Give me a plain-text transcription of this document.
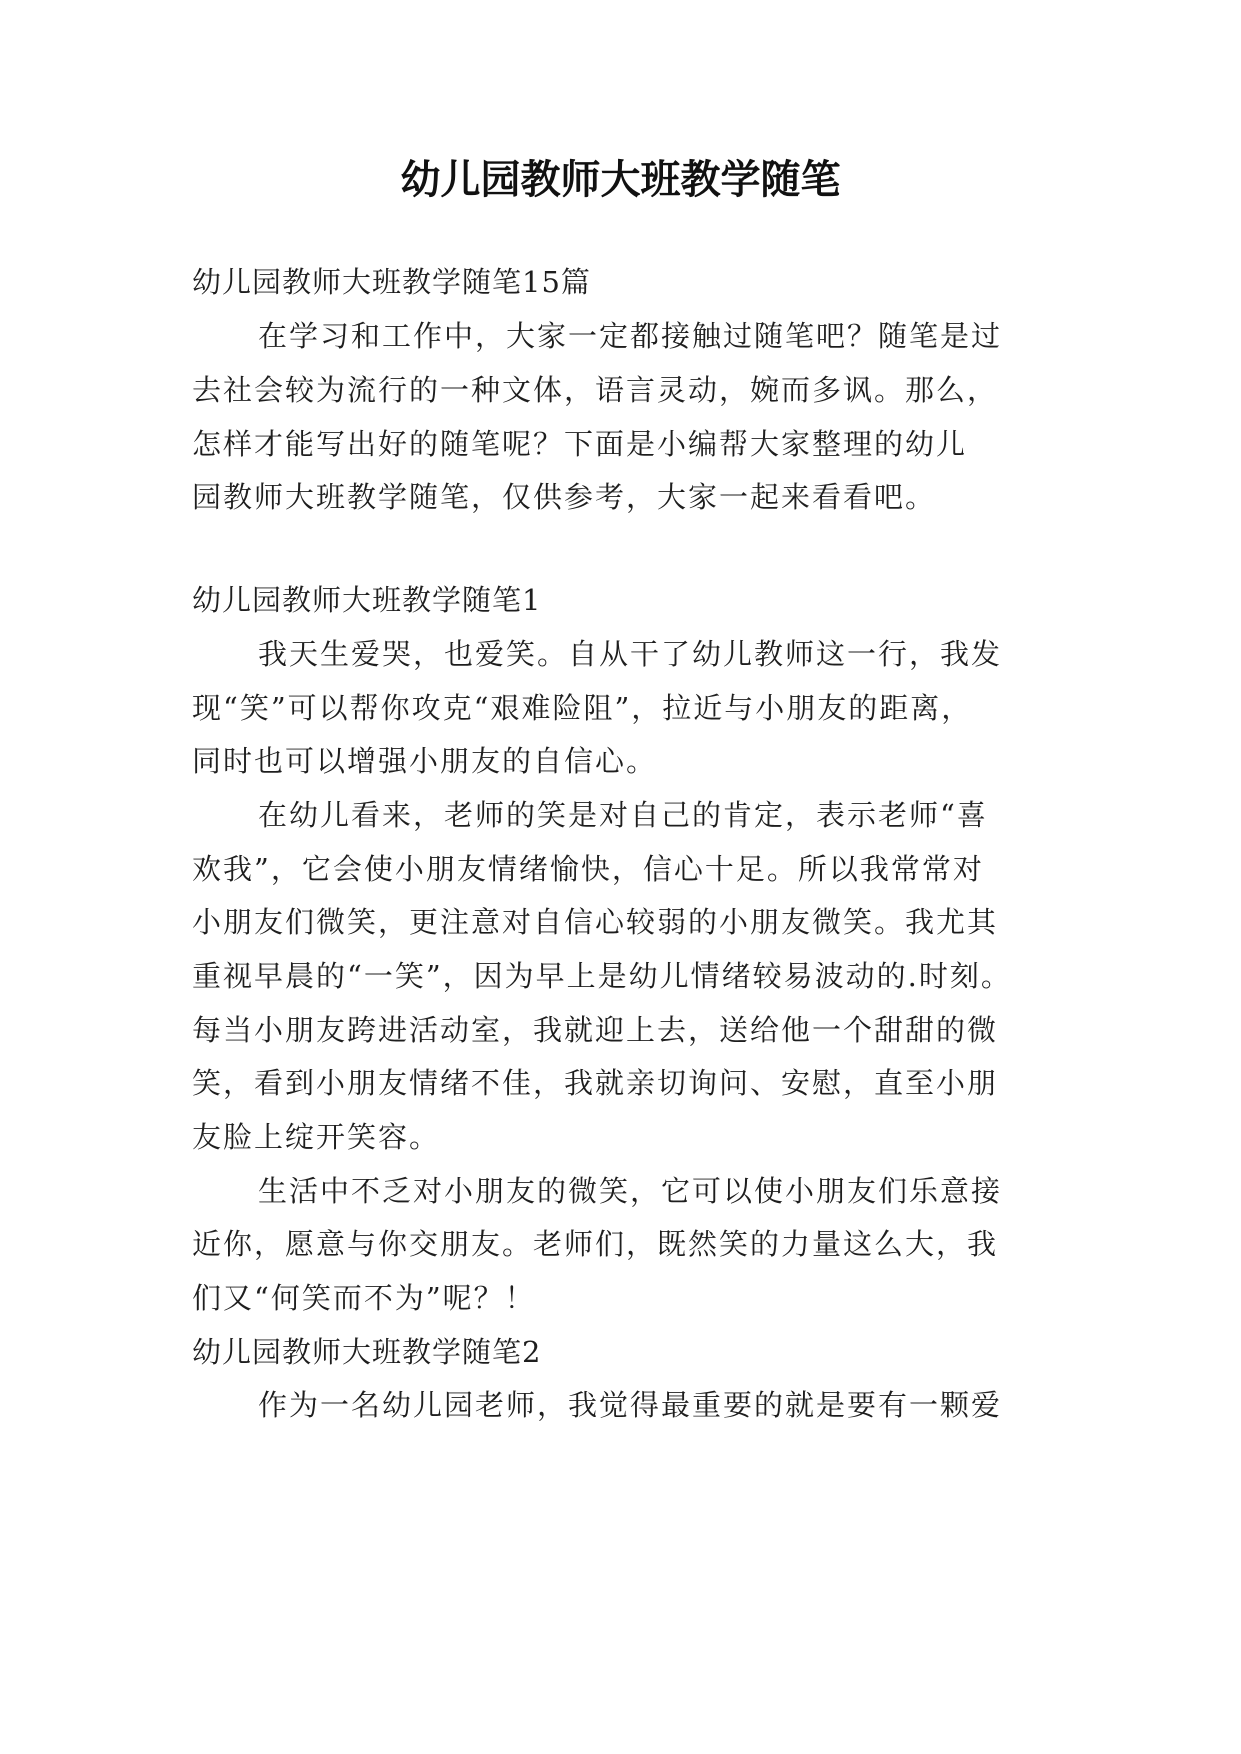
幼儿园教师大班教学随笔
幼儿园教师大班教学随笔15篇
在学习和工作中，大家一定都接触过随笔吧？随笔是过
去社会较为流行的一种文体，语言灵动，婉而多讽。那么，
怎样才能写出好的随笔呢？下面是小编帮大家整理的幼儿
园教师大班教学随笔，仅供参考，大家一起来看看吧。
幼儿园教师大班教学随笔1
我天生爱哭，也爱笑。自从干了幼儿教师这一行，我发
现“笑”可以帮你攻克“艰难险阻”，拉近与小朋友的距离，
同时也可以增强小朋友的自信心。
在幼儿看来，老师的笑是对自己的肯定，表示老师“喜
欢我”，它会使小朋友情绪愉快，信心十足。所以我常常对
小朋友们微笑，更注意对自信心较弱的小朋友微笑。我尤其
重视早晨的“一笑”，因为早上是幼儿情绪较易波动的.时刻。
每当小朋友跨进活动室，我就迎上去，送给他一个甜甜的微
笑，看到小朋友情绪不佳，我就亲切询问、安慰，直至小朋
友脸上绽开笑容。
生活中不乏对小朋友的微笑，它可以使小朋友们乐意接
近你，愿意与你交朋友。老师们，既然笑的力量这么大，我
们又“何笑而不为”呢？！
幼儿园教师大班教学随笔2
作为一名幼儿园老师，我觉得最重要的就是要有一颗爱
